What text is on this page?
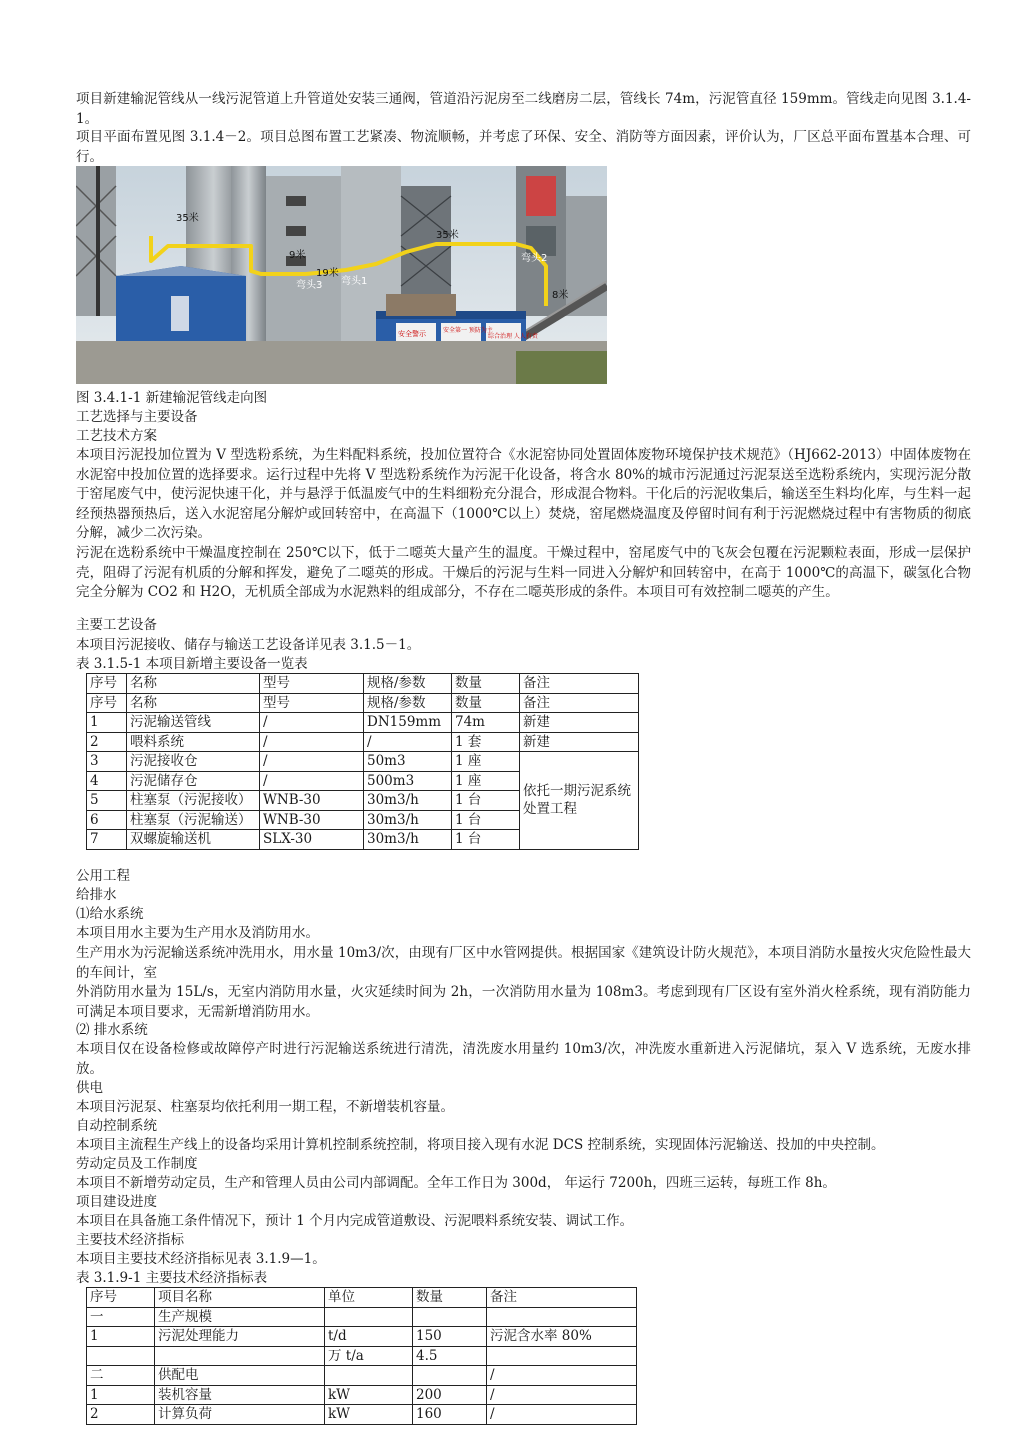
项目新建输泥管线从一线污泥管道上升管道处安装三通阀，管道沿污泥房至二线磨房二层，管线长 74m，污泥管直径 159mm。管线走向见图 3.1.4-1。
项目平面布置见图 3.1.4－2。项目总图布置工艺紧凑、物流顺畅，并考虑了环保、安全、消防等方面因素，评价认为，厂区总平面布置基本合理、可行。
35米
9米
19米
弯头3 弯头1
弯头2
35米
8米
安全警示	安全第一 预防为主
综合治理 人人有责
图 3.4.1-1 新建输泥管线走向图
工艺选择与主要设备
工艺技术方案
本项目污泥投加位置为 V 型选粉系统，为生料配料系统，投加位置符合《水泥窑协同处置固体废物环境保护技术规范》（HJ662-2013）中固体废物在水泥窑中投加位置的选择要求。运行过程中先将 V 型选粉系统作为污泥干化设备，将含水 80%的城市污泥通过污泥泵送至选粉系统内，实现污泥分散于窑尾废气中，使污泥快速干化，并与悬浮于低温废气中的生料细粉充分混合，形成混合物料。干化后的污泥收集后，输送至生料均化库，与生料一起经预热器预热后，送入水泥窑尾分解炉或回转窑中，在高温下（1000℃以上）焚烧，窑尾燃烧温度及停留时间有利于污泥燃烧过程中有害物质的彻底分解，减少二次污染。
污泥在选粉系统中干燥温度控制在 250℃以下，低于二噁英大量产生的温度。干燥过程中，窑尾废气中的飞灰会包覆在污泥颗粒表面，形成一层保护壳，阻碍了污泥有机质的分解和挥发，避免了二噁英的形成。干燥后的污泥与生料一同进入分解炉和回转窑中，在高于 1000℃的高温下，碳氢化合物完全分解为 CO2 和 H2O，无机质全部成为水泥熟料的组成部分，不存在二噁英形成的条件。本项目可有效控制二噁英的产生。
主要工艺设备
本项目污泥接收、储存与输送工艺设备详见表 3.1.5－1。
表 3.1.5-1 本项目新增主要设备一览表
序号	名称	型号	规格/参数	数量	备注
序号	名称	型号	规格/参数	数量	备注
1	污泥输送管线	/	DN159mm	74m	新建
2	喂料系统	/	/	1 套	新建
3	污泥接收仓	/	50m3	1 座	依托一期污泥系统处置工程
4	污泥储存仓	/	500m3	1 座	
5	柱塞泵（污泥接收）	WNB-30	30m3/h	1 台	
6	柱塞泵（污泥输送）	WNB-30	30m3/h	1 台	
7	双螺旋输送机	SLX-30	30m3/h	1 台	
公用工程
给排水
⑴给水系统
本项目用水主要为生产用水及消防用水。
生产用水为污泥输送系统冲洗用水，用水量 10m3/次，由现有厂区中水管网提供。根据国家《建筑设计防火规范》，本项目消防水量按火灾危险性最大的车间计，室
外消防用水量为 15L/s，无室内消防用水量，火灾延续时间为 2h，一次消防用水量为 108m3。考虑到现有厂区设有室外消火栓系统，现有消防能力可满足本项目要求，无需新增消防用水。
⑵ 排水系统
本项目仅在设备检修或故障停产时进行污泥输送系统进行清洗，清洗废水用量约 10m3/次，冲洗废水重新进入污泥储坑，泵入 V 选系统，无废水排放。
供电
本项目污泥泵、柱塞泵均依托利用一期工程，不新增装机容量。
自动控制系统
本项目主流程生产线上的设备均采用计算机控制系统控制，将项目接入现有水泥 DCS 控制系统，实现固体污泥输送、投加的中央控制。
劳动定员及工作制度
本项目不新增劳动定员，生产和管理人员由公司内部调配。全年工作日为 300d， 年运行 7200h，四班三运转，每班工作 8h。
项目建设进度
本项目在具备施工条件情况下，预计 1 个月内完成管道敷设、污泥喂料系统安装、调试工作。
主要技术经济指标
本项目主要技术经济指标见表 3.1.9—1。
表 3.1.9-1 主要技术经济指标表
序号	项目名称	单位	数量	备注
一	生产规模			
1	污泥处理能力	t/d	150	污泥含水率 80%
		万 t/a	4.5	
二	供配电			/
1	装机容量	kW	200	/
2	计算负荷	kW	160	/
